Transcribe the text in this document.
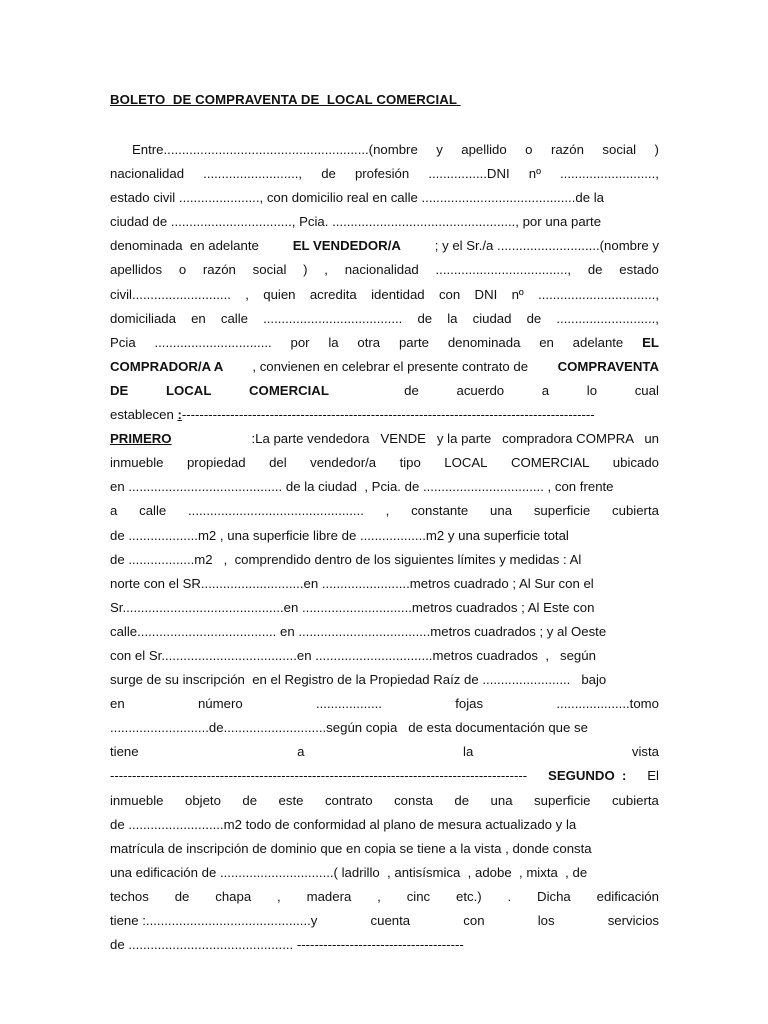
BOLETO  DE COMPRAVENTA DE  LOCAL COMERCIAL
Entre........................................................(nombre y apellido o razón social )
nacionalidad .........................., de profesión ................DNI nº ..........................,
estado civil ......................, con domicilio real en calle ..........................................de la
ciudad de ................................., Pcia. .................................................., por una parte
denominada  en adelante EL VENDEDOR/A ; y el Sr./a ............................(nombre y
apellidos o razón social ) , nacionalidad ...................................., de estado
civil........................... , quien acredita identidad con DNI nº ................................,
domiciliada en calle ...................................... de la ciudad de ...........................,
Pcia ................................ por la otra parte denominada en adelante EL
COMPRADOR/A A , convienen en celebrar el presente contrato de COMPRAVENTA
DE	LOCAL	COMERCIAL	de	acuerdo	a	lo	cual
establecen :----------------------------------------------------------------------------------------------
PRIMERO	:La parte vendedora   VENDE   y la parte   compradora COMPRA   un
inmueble propiedad del vendedor/a tipo LOCAL COMERCIAL ubicado
en .......................................... de la ciudad  , Pcia. de ................................. , con frente
a calle ................................................ , constante una superficie cubierta
de ...................m2 , una superficie libre de ..................m2 y una superficie total
de ..................m2   ,  comprendido dentro de los siguientes límites y medidas : Al
norte con el SR............................en ........................metros cuadrado ; Al Sur con el
Sr............................................en ..............................metros cuadrados ; Al Este con
calle...................................... en ....................................metros cuadrados ; y al Oeste
con el Sr.....................................en ................................metros cuadrados  ,   según
surge de su inscripción  en el Registro de la Propiedad Raíz de ........................   bajo
en	número	..................	fojas	....................tomo
...........................de............................según copia   de esta documentación que se
tiene	a	la	vista
----------------------------------------------------------------------------------------------- SEGUNDO  : El
inmueble objeto de este contrato consta de una superficie cubierta
de ..........................m2 todo de conformidad al plano de mesura actualizado y la
matrícula de inscripción de dominio que en copia se tiene a la vista , donde consta
una edificación de ...............................( ladrillo  , antisísmica  , adobe  , mixta  , de
techos de chapa , madera , cinc etc.) . Dicha edificación
tiene :.............................................y	cuenta	con	los	servicios
de ............................................. --------------------------------------
